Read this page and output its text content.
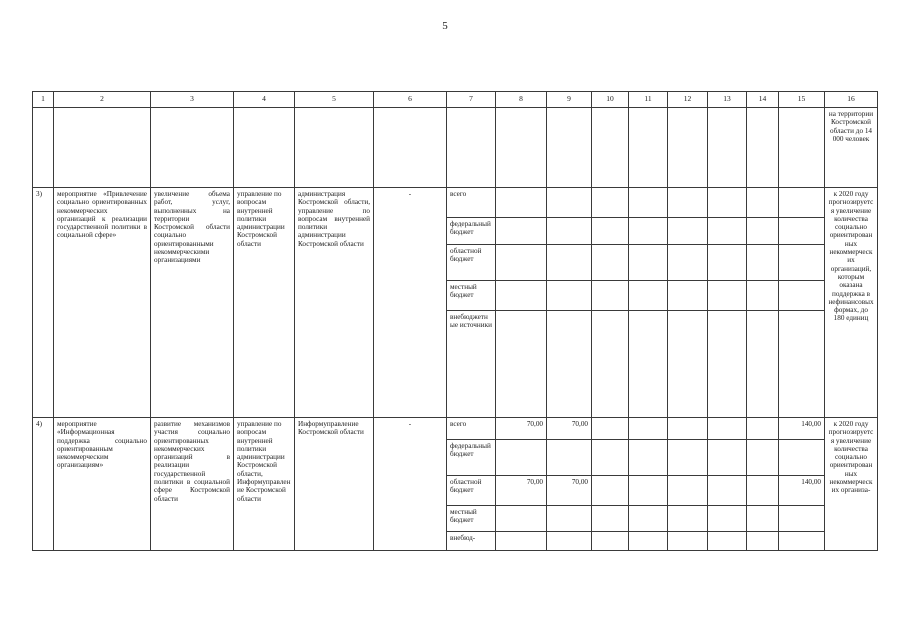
5
1	2	3	4	5	6	7	8	9	10	11	12	13	14	15	16
															на территории Костромской области до 14 000 человек
3)	мероприятие «Привлечение социально ориентированных некоммерческих организаций к реализации государственной политики в социальной сфере»	увеличение объема работ, услуг, выполненных на территории Костромской области социально ориентированными некоммерческими организациями	управление по вопросам внутренней политики администрации Костромской области	администрация Костромской области, управление по вопросам внутренней политики администрации Костромской области	-	всего									к 2020 году прогнозируется увеличение количества социально ориентированных некоммерческих организаций, которым оказана поддержка в нефинансовых формах, до 180 единиц
						федеральный бюджет									
						областной бюджет									
						местный бюджет									
						внебюджетные источники									
4)	мероприятие «Информационная поддержка социально ориентированным некоммерческим организациям»	развитие механизмов участия социально ориентированных некоммерческих организаций в реализации государственной политики в социальной сфере Костромской области	управление по вопросам внутренней политики администрации Костромской области, Информуправление Костромской области	Информуправление Костромской области	-	всего	70,00	70,00						140,00	к 2020 году прогнозируется увеличение количества социально ориентированных некоммерческих организа-
						федеральный бюджет									
						областной бюджет	70,00	70,00						140,00	
						местный бюджет									
						внебюд-									
